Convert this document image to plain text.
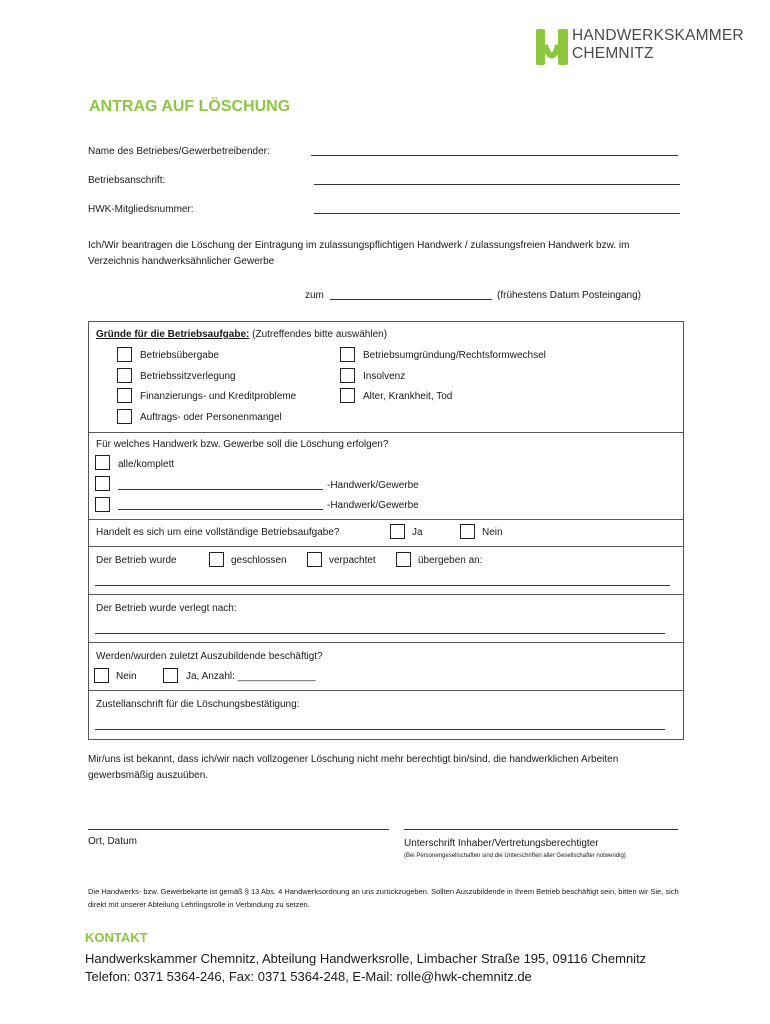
HANDWERKSKAMMER
CHEMNITZ
ANTRAG AUF LÖSCHUNG
Name des Betriebes/Gewerbetreibender:
Betriebsanschrift:
HWK-Mitgliedsnummer:
Ich/Wir beantragen die Löschung der Eintragung im zulassungspflichtigen Handwerk / zulassungsfreien Handwerk bzw. im Verzeichnis handwerksähnlicher Gewerbe
zum	(frühestens Datum Posteingang)
Gründe für die Betriebsaufgabe: (Zutreffendes bitte auswählen)
Betriebsübergabe
Betriebssitzverlegung
Finanzierungs- und Kreditprobleme
Auftrags- oder Personenmangel
Betriebsumgründung/Rechtsformwechsel
Insolvenz
Alter, Krankheit, Tod
Für welches Handwerk bzw. Gewerbe soll die Löschung erfolgen?
alle/komplett
-Handwerk/Gewerbe
-Handwerk/Gewerbe
Handelt es sich um eine vollständige Betriebsaufgabe?	Ja	Nein
Der Betrieb wurde	geschlossen	verpachtet	übergeben an:
Der Betrieb wurde verlegt nach:
Werden/wurden zuletzt Auszubildende beschäftigt?
Nein	Ja, Anzahl: ______________
Zustellanschrift für die Löschungsbestätigung:
Mir/uns ist bekannt, dass ich/wir nach vollzogener Löschung nicht mehr berechtigt bin/sind, die handwerklichen Arbeiten gewerbsmäßig auszuüben.
Ort, Datum	Unterschrift Inhaber/Vertretungsberechtigter
(Bei Personengesellschaften sind die Unterschriften aller Gesellschafter notwendig)
Die Handwerks- bzw. Gewerbekarte ist gemäß § 13 Abs. 4 Handwerksordnung an uns zurückzugeben. Sollten Auszubildende in Ihrem Betrieb beschäftigt sein, bitten wir Sie, sich direkt mit unserer Abteilung Lehrlingsrolle in Verbindung zu setzen.
KONTAKT
Handwerkskammer Chemnitz, Abteilung Handwerksrolle, Limbacher Straße 195, 09116 Chemnitz
Telefon: 0371 5364-246, Fax: 0371 5364-248, E-Mail: rolle@hwk-chemnitz.de
